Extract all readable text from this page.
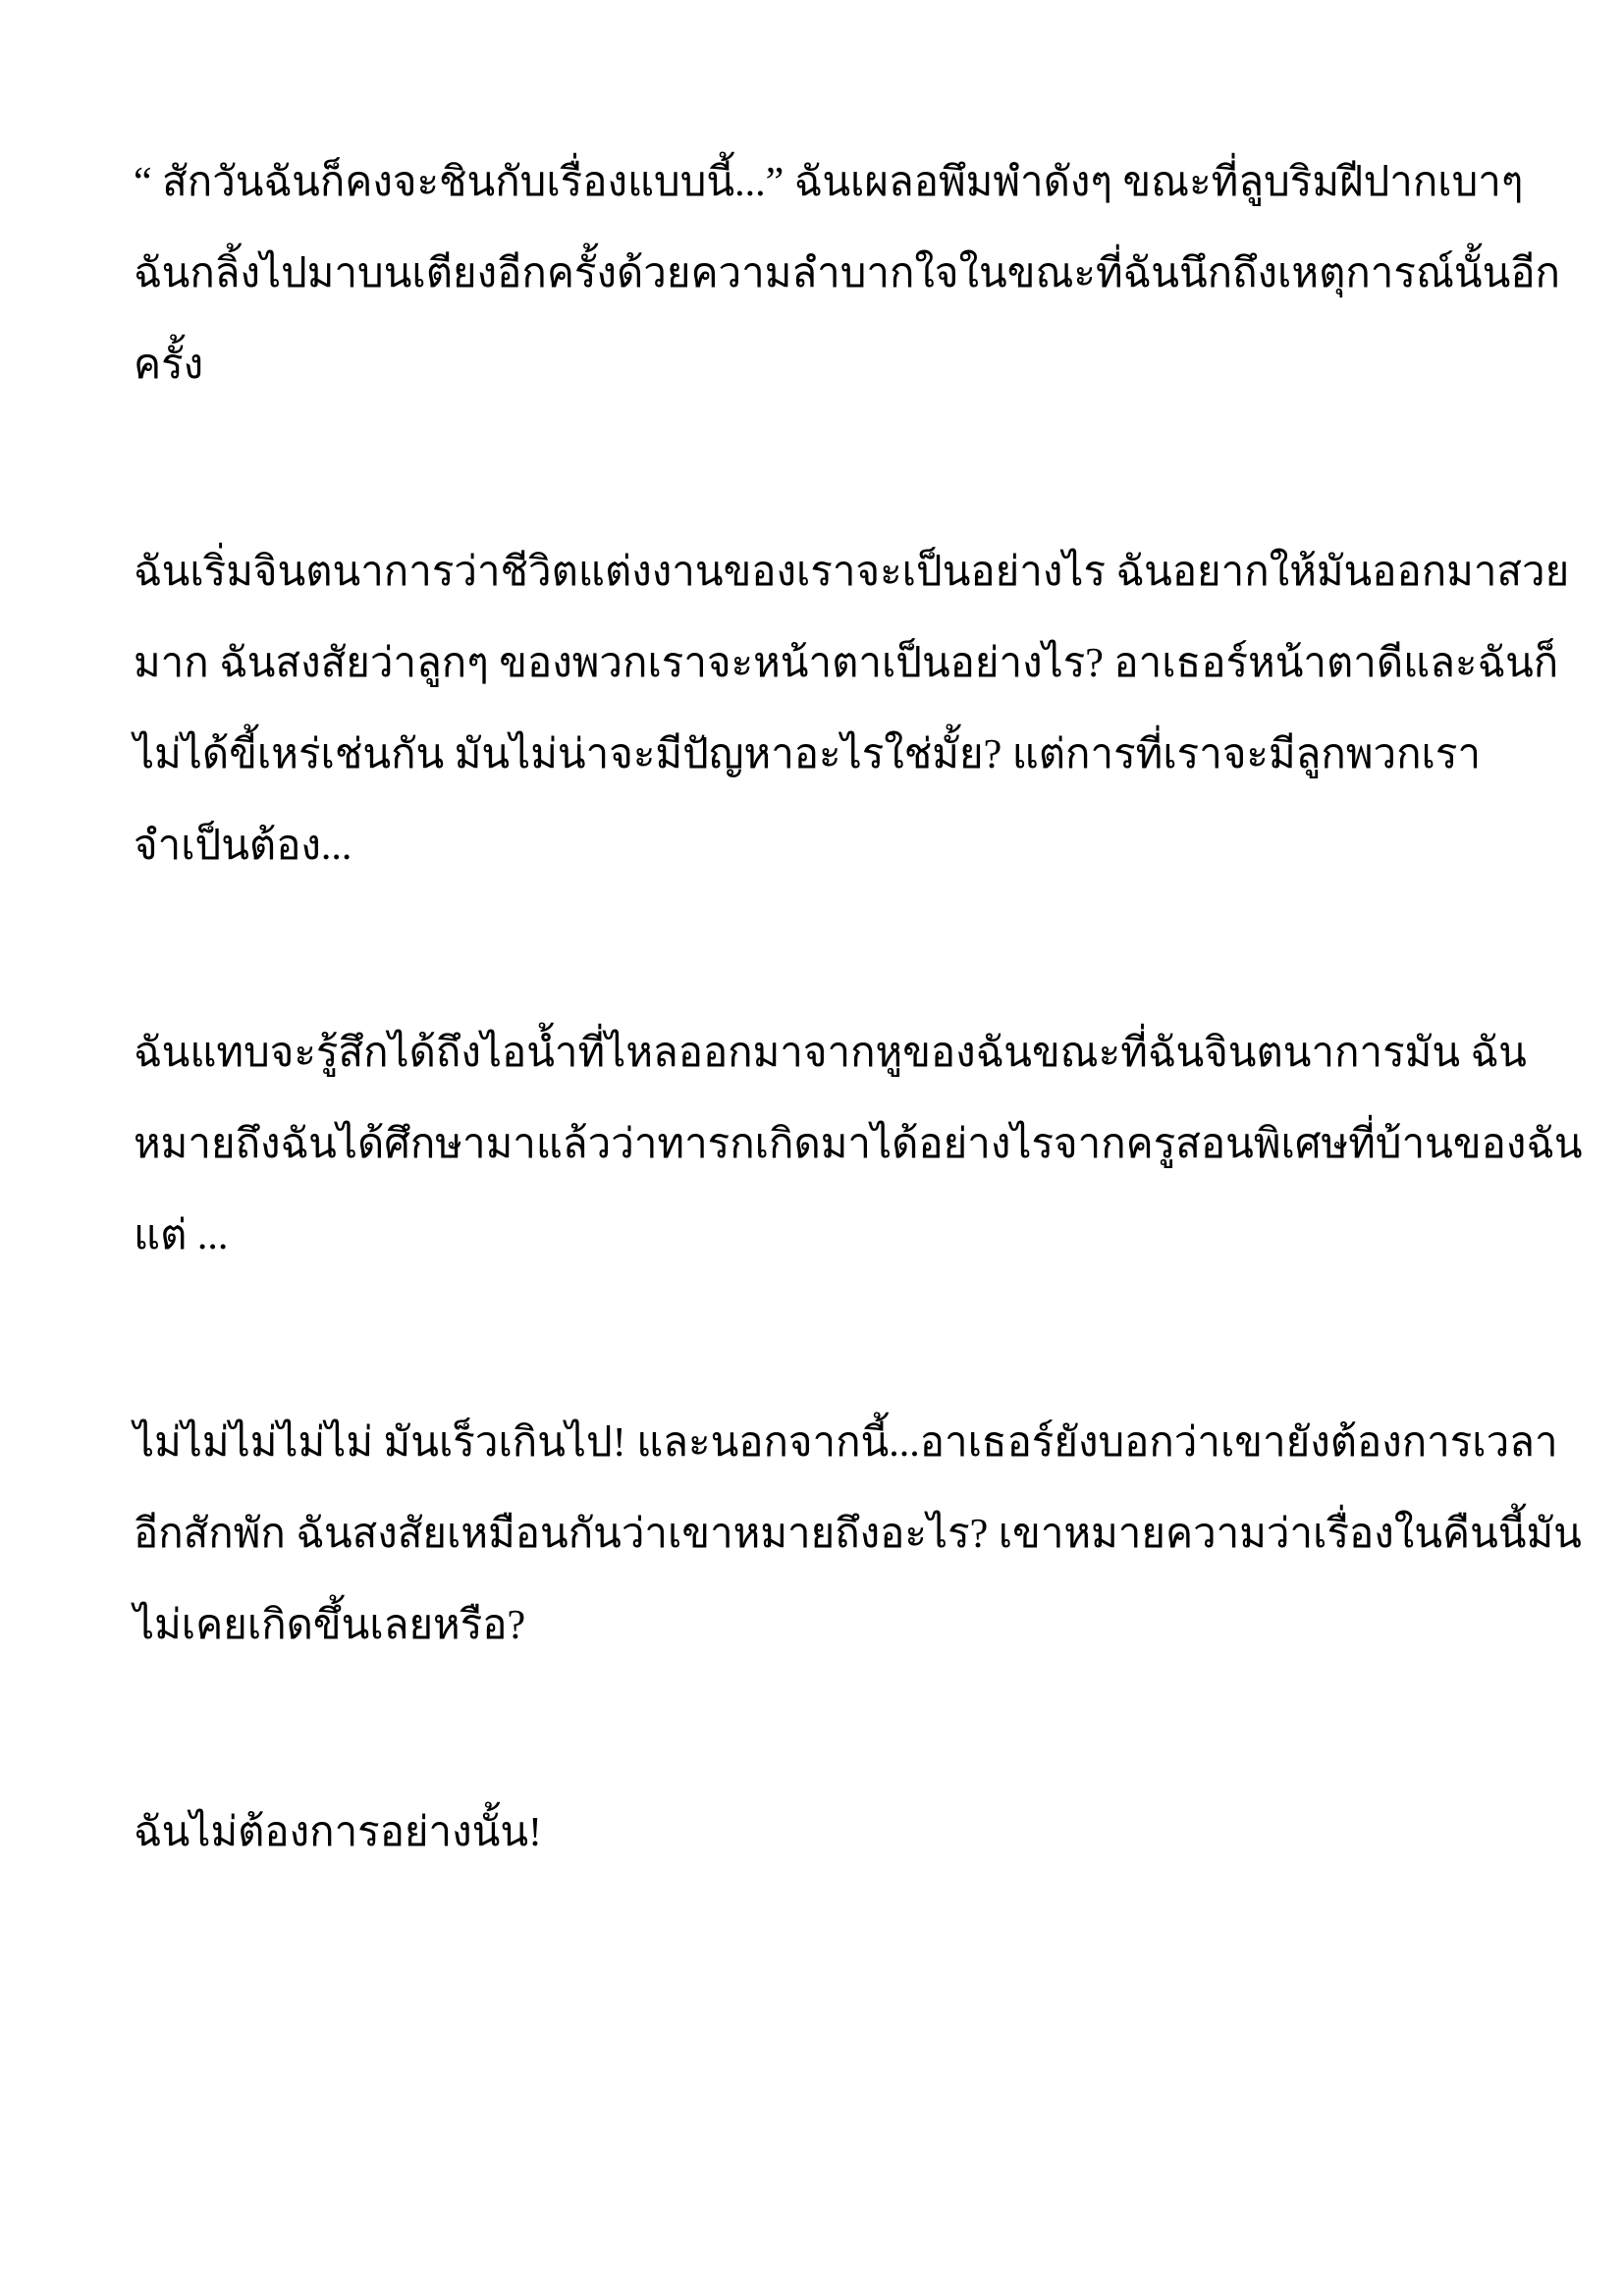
“ สักวันฉันก็คงจะชินกับเรื่องแบบนี้...” ฉันเผลอพึมพำดังๆ ขณะที่ลูบริมฝีปากเบาๆ
ฉันกลิ้งไปมาบนเตียงอีกครั้งด้วยความลำบากใจในขณะที่ฉันนึกถึงเหตุการณ์นั้นอีก
ครั้ง
ฉันเริ่มจินตนาการว่าชีวิตแต่งงานของเราจะเป็นอย่างไร ฉันอยากให้มันออกมาสวย
มาก ฉันสงสัยว่าลูกๆ ของพวกเราจะหน้าตาเป็นอย่างไร? อาเธอร์หน้าตาดีและฉันก็
ไม่ได้ขี้เหร่เช่นกัน มันไม่น่าจะมีปัญหาอะไรใช่มั้ย? แต่การที่เราจะมีลูกพวกเรา
จำเป็นต้อง...
ฉันแทบจะรู้สึกได้ถึงไอน้ำที่ไหลออกมาจากหูของฉันขณะที่ฉันจินตนาการมัน ฉัน
หมายถึงฉันได้ศึกษามาแล้วว่าทารกเกิดมาได้อย่างไรจากครูสอนพิเศษที่บ้านของฉัน
แต่ ...
ไม่ไม่ไม่ไม่ไม่ มันเร็วเกินไป! และนอกจากนี้...อาเธอร์ยังบอกว่าเขายังต้องการเวลา
อีกสักพัก ฉันสงสัยเหมือนกันว่าเขาหมายถึงอะไร? เขาหมายความว่าเรื่องในคืนนี้มัน
ไม่เคยเกิดขึ้นเลยหรือ?
ฉันไม่ต้องการอย่างนั้น!
